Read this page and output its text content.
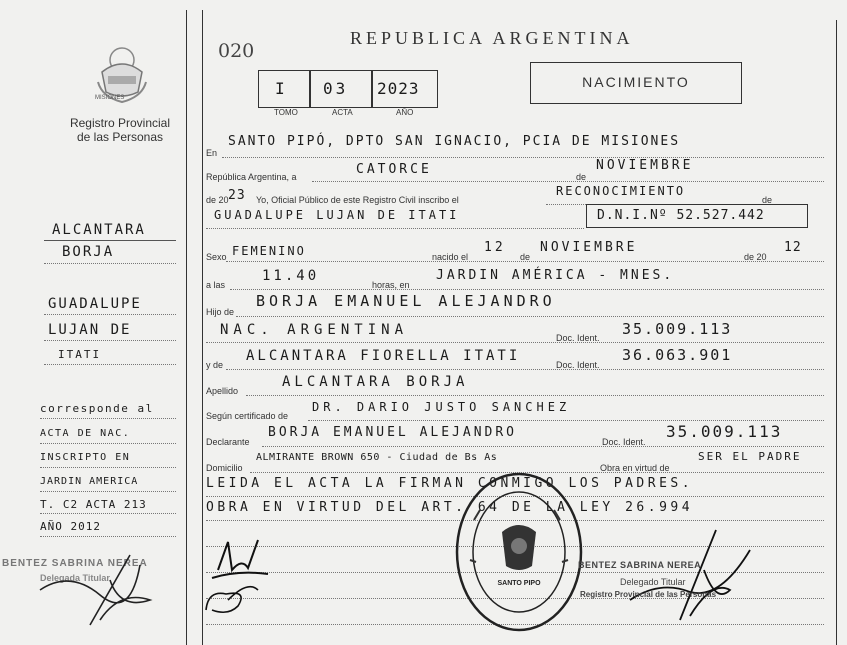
MISIONES
Registro Provincial
de las Personas
020
REPUBLICA ARGENTINA
I 03 2023
TOMO	ACTA	AÑO
NACIMIENTO
ALCANTARA
BORJA
GUADALUPE
LUJAN DE
ITATI
corresponde al
ACTA DE NAC.
INSCRIPTO EN
JARDIN AMERICA
T. C2 ACTA 213
AÑO 2012
BENTEZ SABRINA NEREA
Delegada Titular
En
SANTO PIPÓ, DPTO SAN IGNACIO, PCIA DE MISIONES
República Argentina, a	CATORCE	de
NOVIEMBRE
de 20 23 Yo, Oficial Público de este Registro Civil inscribo el
RECONOCIMIENTO
de
GUADALUPE LUJAN DE ITATI	D.N.I.Nº 52.527.442
Sexo FEMENINO	nacido el
12
de
NOVIEMBRE
de 20
12
a las
11.40
horas, en
JARDIN AMÉRICA - MNES.
Hijo de
BORJA EMANUEL ALEJANDRO
NAC. ARGENTINA	Doc. Ident. 35.009.113
y de
ALCANTARA FIORELLA ITATI
Doc. Ident.
36.063.901
Apellido
ALCANTARA BORJA
Según certificado de
DR. DARIO JUSTO SANCHEZ
Declarante
BORJA EMANUEL ALEJANDRO
Doc. Ident.
35.009.113
Domicilio
ALMIRANTE BROWN 650 - Ciudad de Bs As
Obra en virtud de
SER EL PADRE
LEIDA EL ACTA LA FIRMAN CONMIGO LOS PADRES.
OBRA EN VIRTUD DEL ART. 64 DE LA LEY 26.994
SANTO PIPO
BENTEZ SABRINA NEREA
Delegado Titular
Registro Provincial de las Personas
